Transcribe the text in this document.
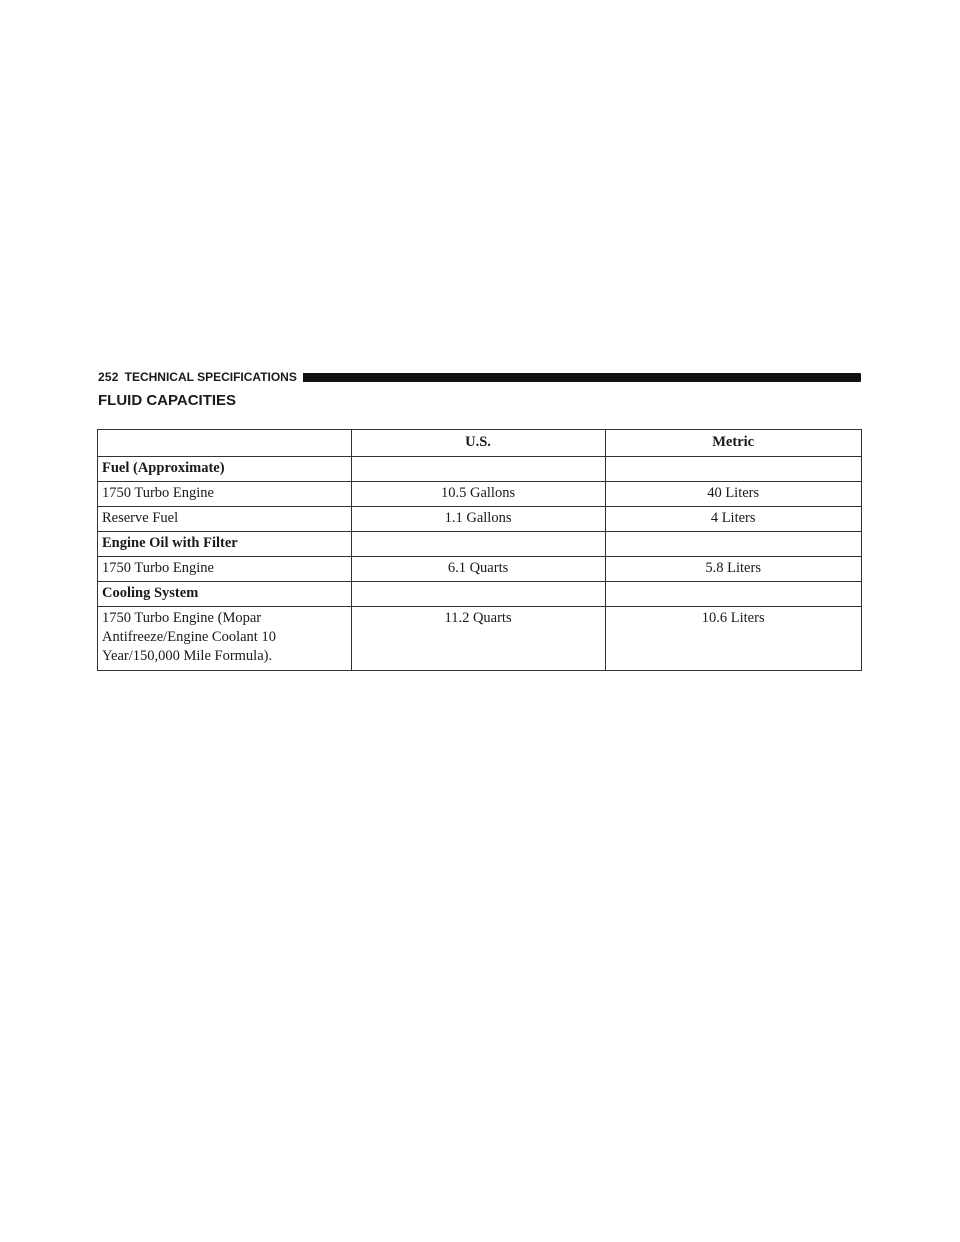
252 TECHNICAL SPECIFICATIONS
FLUID CAPACITIES
	U.S.	Metric
Fuel (Approximate)		
1750 Turbo Engine	10.5 Gallons	40 Liters
Reserve Fuel	1.1 Gallons	4 Liters
Engine Oil with Filter		
1750 Turbo Engine	6.1 Quarts	5.8 Liters
Cooling System		
1750 Turbo Engine (Mopar Antifreeze/Engine Coolant 10 Year/150,000 Mile Formula).	11.2 Quarts	10.6 Liters
